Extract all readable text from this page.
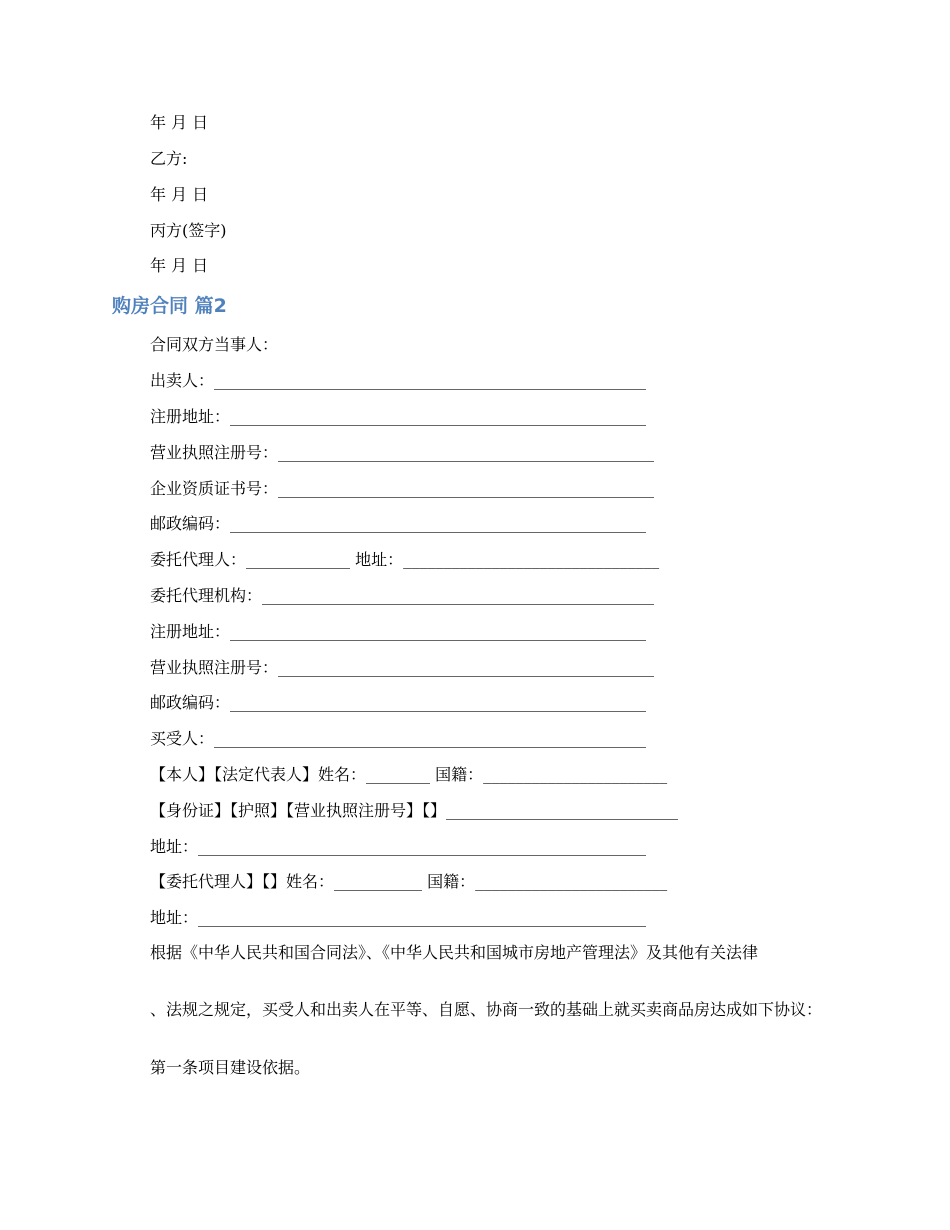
年 月 日
乙方:
年 月 日
丙方(签字)
年 月 日
购房合同 篇2
合同双方当事人：
出卖人：______________________________________________________
注册地址：____________________________________________________
营业执照注册号：_______________________________________________
企业资质证书号：_______________________________________________
邮政编码：____________________________________________________
委托代理人：_____________ 地址：________________________________
委托代理机构：_________________________________________________
注册地址：____________________________________________________
营业执照注册号：_______________________________________________
邮政编码：____________________________________________________
买受人：______________________________________________________
【本人】【法定代表人】姓名：________ 国籍：_______________________
【身份证】【护照】【营业执照注册号】【】_____________________________
地址：________________________________________________________
【委托代理人】【】姓名：___________ 国籍：________________________
地址：________________________________________________________
根据《中华人民共和国合同法》、《中华人民共和国城市房地产管理法》及其他有关法律
、法规之规定，买受人和出卖人在平等、自愿、协商一致的基础上就买卖商品房达成如下协议：
第一条项目建设依据。
